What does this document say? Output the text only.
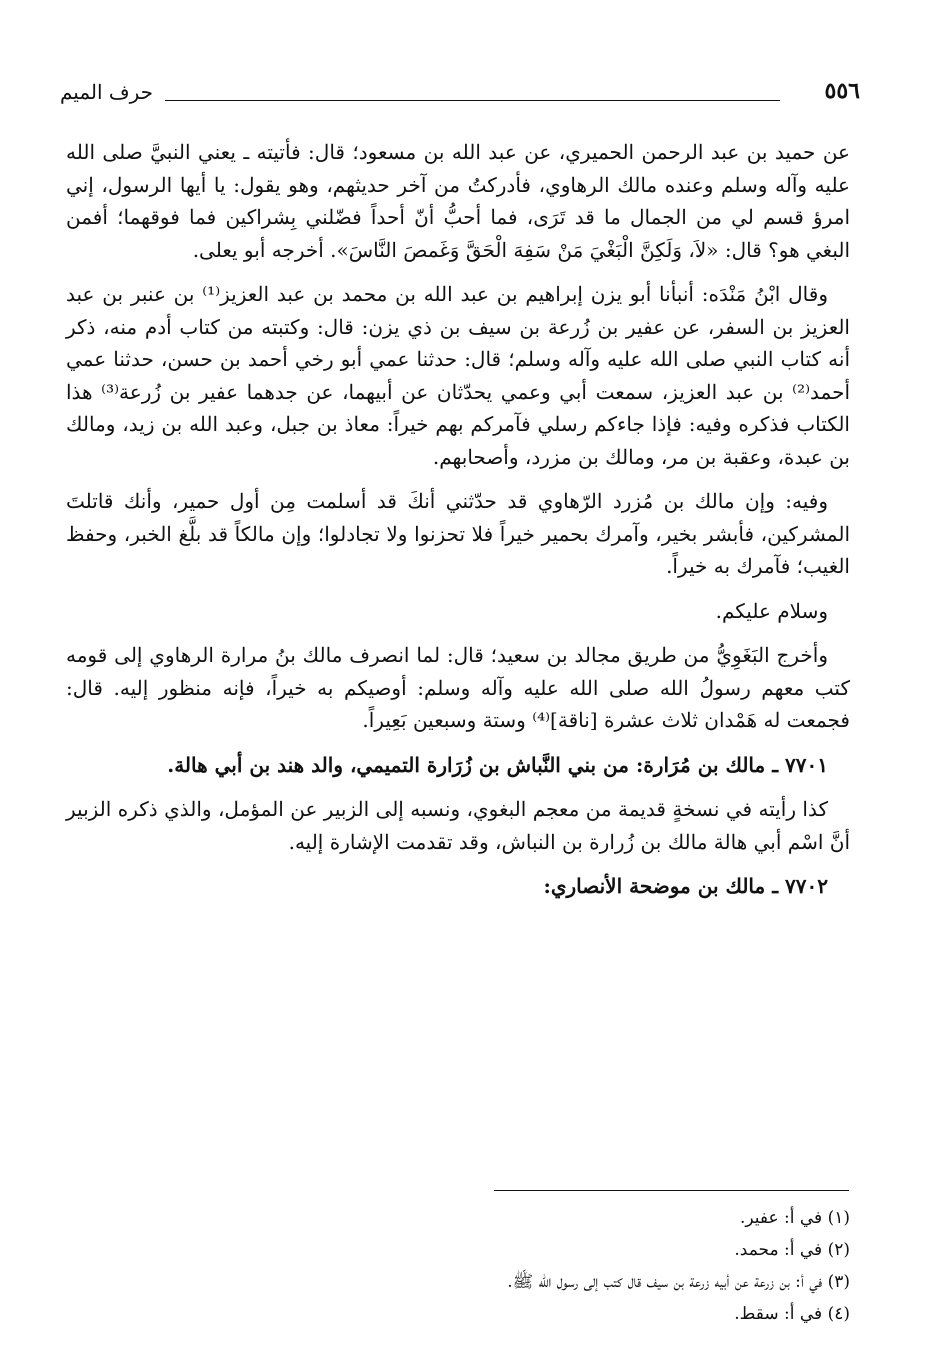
٥٥٦
حرف الميم

عن حميد بن عبد الرحمن الحميري، عن عبد الله بن مسعود؛ قال: فأتيته ـ يعني النبيَّ صلى الله عليه وآله وسلم وعنده مالك الرهاوي، فأدركتُ من آخر حديثهم، وهو يقول: يا أيها الرسول، إني امرؤ قسم لي من الجمال ما قد تَرَى، فما أحبُّ أنّ أحداً فضّلني بِشراكين فما فوقهما؛ أفمن البغي هو؟ قال: «لاَ، وَلَكِنَّ الْبَغْيَ مَنْ سَفِهَ الْحَقَّ وَغَمصَ النَّاسَ». أخرجه أبو يعلى.

وقال ابْنُ مَنْدَه: أنبأنا أبو يزن إبراهيم بن عبد الله بن محمد بن عبد العزيز⁽¹⁾ بن عنبر بن عبد العزيز بن السفر، عن عفير بن زُرعة بن سيف بن ذي يزن: قال: وكتبته من كتاب أدم منه، ذكر أنه كتاب النبي صلى الله عليه وآله وسلم؛ قال: حدثنا عمي أبو رخي أحمد بن حسن، حدثنا عمي أحمد⁽²⁾ بن عبد العزيز، سمعت أبي وعمي يحدّثان عن أبيهما، عن جدهما عفير بن زُرعة⁽³⁾ هذا الكتاب فذكره وفيه: فإذا جاءكم رسلي فآمركم بهم خيراً: معاذ بن جبل، وعبد الله بن زيد، ومالك بن عبدة، وعقبة بن مر، ومالك بن مزرد، وأصحابهم.

وفيه: وإن مالك بن مُزرد الرّهاوي قد حدّثني أنكَ قد أسلمت مِن أول حمير، وأنك قاتلتَ المشركين، فأبشر بخير، وآمرك بحمير خيراً فلا تحزنوا ولا تجادلوا؛ وإن مالكاً قد بلَّغ الخبر، وحفظ الغيب؛ فآمرك به خيراً.

وسلام عليكم.

وأخرج البَغَوِيُّ من طريق مجالد بن سعيد؛ قال: لما انصرف مالك بنُ مرارة الرهاوي إلى قومه كتب معهم رسولُ الله صلى الله عليه وآله وسلم: أوصيكم به خيراً، فإنه منظور إليه. قال: فجمعت له هَمْدان ثلاث عشرة [ناقة]⁽⁴⁾ وستة وسبعين بَعِيراً.

٧٧٠١ ـ مالك بن مُرَارة: من بني النَّباش بن زُرَارة التميمي، والد هند بن أبي هالة.

كذا رأيته في نسخةٍ قديمة من معجم البغوي، ونسبه إلى الزبير عن المؤمل، والذي ذكره الزبير أنَّ اسْم أبي هالة مالك بن زُرارة بن النباش، وقد تقدمت الإشارة إليه.

٧٧٠٢ ـ مالك بن موضحة الأنصاري:

(١) في أ: عفير.

(٢) في أ: محمد.

(٣) في أ: بن زرعة عن أبيه زرعة بن سيف قال كتب إلى رسول الله ﷺ.

(٤) في أ: سقط.
